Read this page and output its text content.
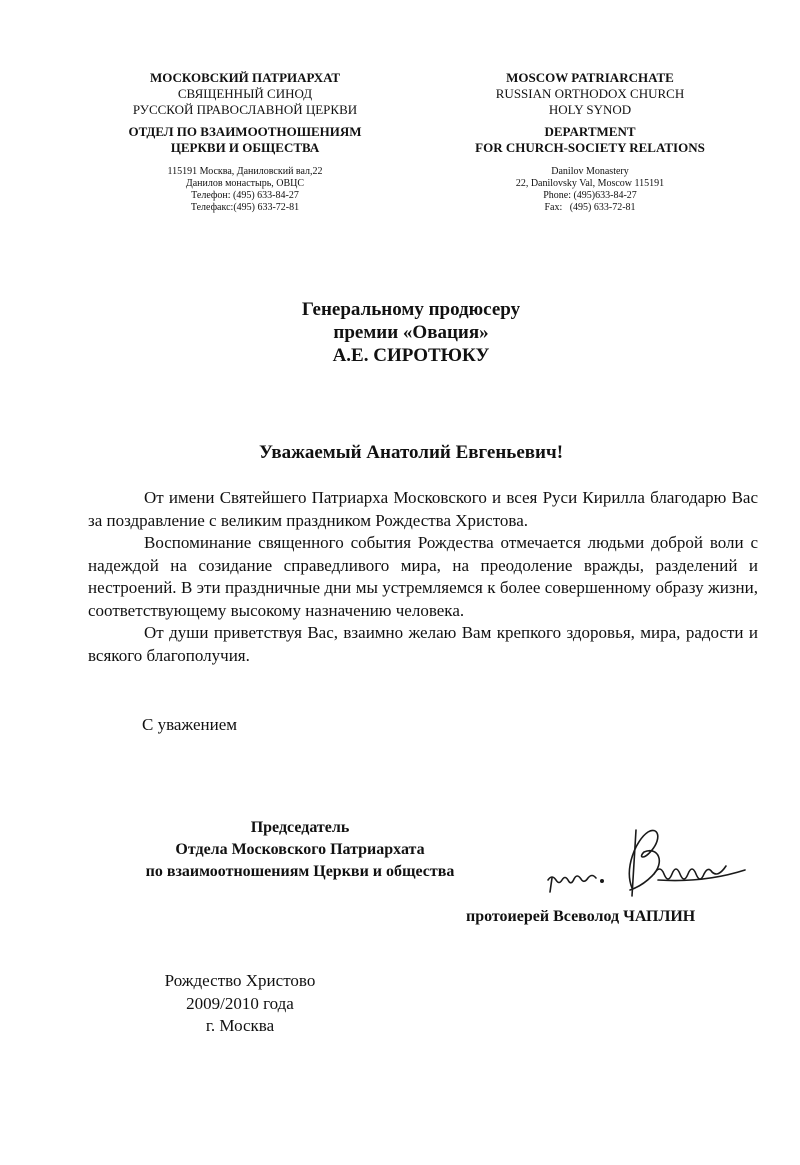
МОСКОВСКИЙ ПАТРИАРХАТ
СВЯЩЕННЫЙ СИНОД
РУССКОЙ ПРАВОСЛАВНОЙ ЦЕРКВИ
ОТДЕЛ ПО ВЗАИМООТНОШЕНИЯМ
ЦЕРКВИ И ОБЩЕСТВА
115191 Москва, Даниловский вал,22
Данилов монастырь, ОВЦС
Телефон: (495) 633-84-27
Телефакс:(495) 633-72-81
MOSCOW PATRIARCHATE
RUSSIAN ORTHODOX CHURCH
HOLY SYNOD
DEPARTMENT
FOR CHURCH-SOCIETY RELATIONS
Danilov Monastery
22, Danilovsky Val, Moscow 115191
Phone: (495)633-84-27
Fax:   (495) 633-72-81
Генеральному продюсеру
премии «Овация»
А.Е. СИРОТЮКУ
Уважаемый Анатолий Евгеньевич!

От имени Святейшего Патриарха Московского и всея Руси Кирилла благодарю Вас за поздравление с великим праздником Рождества Христова.

Воспоминание священного события Рождества отмечается людьми доброй воли с надеждой на созидание справедливого мира, на преодоление вражды, разделений и нестроений. В эти праздничные дни мы устремляемся к более совершенному образу жизни, соответствующему высокому назначению человека.

От души приветствуя Вас, взаимно желаю Вам крепкого здоровья, мира, радости и всякого благополучия.

С уважением
Председатель
Отдела Московского Патриархата
по взаимоотношениям Церкви и общества
протоиерей Всеволод ЧАПЛИН
Рождество Христово
2009/2010 года
г. Москва
